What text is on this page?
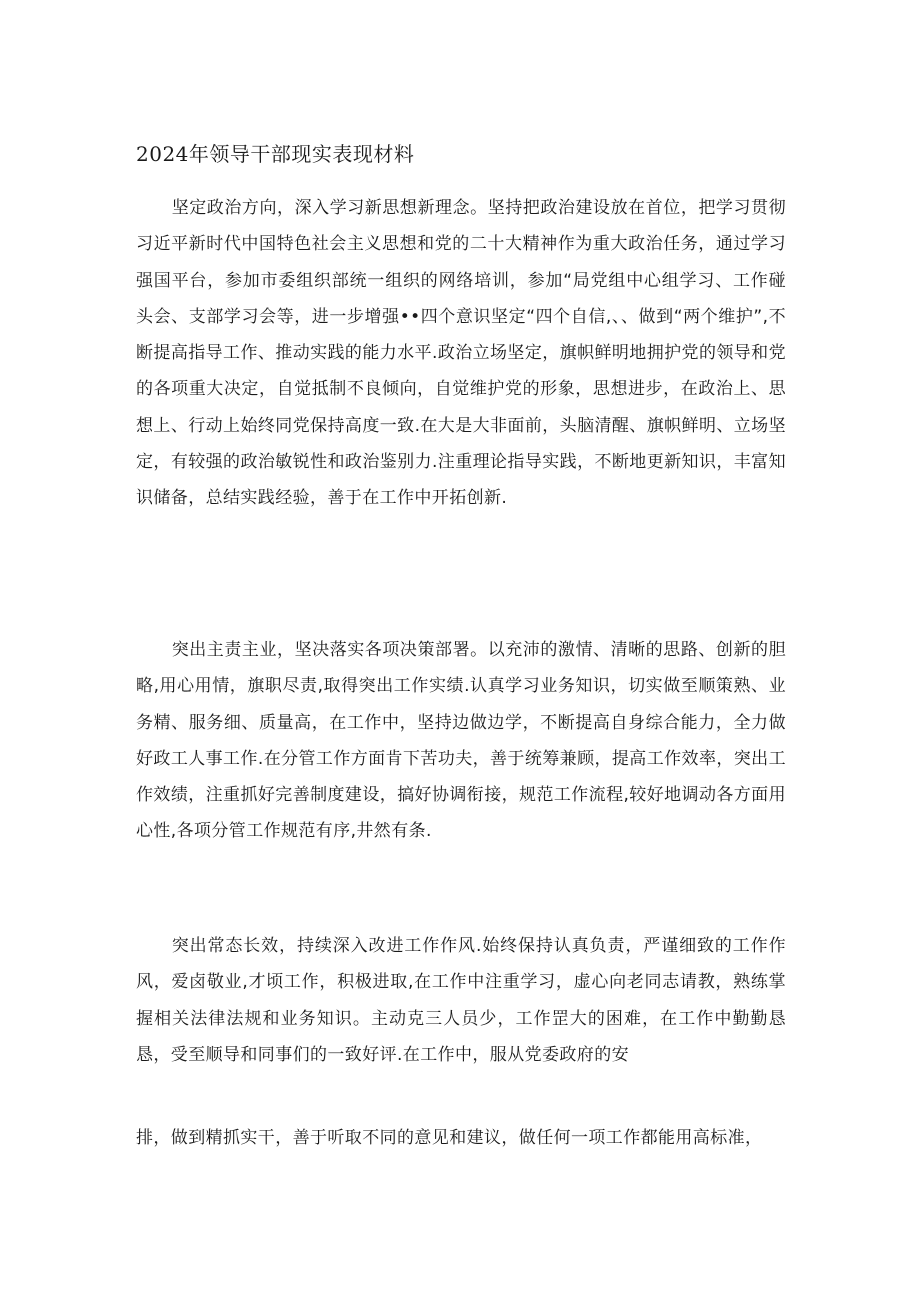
2024年领导干部现实表现材料

坚定政治方向，深入学习新思想新理念。坚持把政治建设放在首位，把学习贯彻习近平新时代中国特色社会主义思想和党的二十大精神作为重大政治任务，通过学习强国平台，参加市委组织部统一组织的网络培训，参加“局党组中心组学习、工作碰头会、支部学习会等，进一步增强••四个意识坚定“四个自信,、、做到“两个维护”,不断提高指导工作、推动实践的能力水平.政治立场坚定，旗帜鲜明地拥护党的领导和党的各项重大决定，自觉抵制不良倾向，自觉维护党的形象，思想进步，在政治上、思想上、行动上始终同党保持高度一致.在大是大非面前，头脑清醒、旗帜鲜明、立场坚定，有较强的政治敏锐性和政治鉴别力.注重理论指导实践，不断地更新知识，丰富知识储备，总结实践经验，善于在工作中开拓创新.

突出主责主业，坚决落实各项决策部署。以充沛的激情、清晰的思路、创新的胆略,用心用情，旗职尽责,取得突出工作实绩.认真学习业务知识，切实做至顺策熟、业务精、服务细、质量高，在工作中，坚持边做边学，不断提高自身综合能力，全力做好政工人事工作.在分管工作方面肯下苦功夫，善于统筹兼顾，提高工作效率，突出工作效绩，注重抓好完善制度建设，搞好协调衔接，规范工作流程,较好地调动各方面用心性,各项分管工作规范有序,井然有条.

突出常态长效，持续深入改进工作作风.始终保持认真负责，严谨细致的工作作风，爱卤敬业,才顷工作，积极进取,在工作中注重学习，虚心向老同志请教，熟练掌握相关法律法规和业务知识。主动克三人员少，工作罡大的困难，在工作中勤勤恳恳，受至顺导和同事们的一致好评.在工作中，服从党委政府的安

排，做到精抓实干，善于听取不同的意见和建议，做任何一项工作都能用高标准，
